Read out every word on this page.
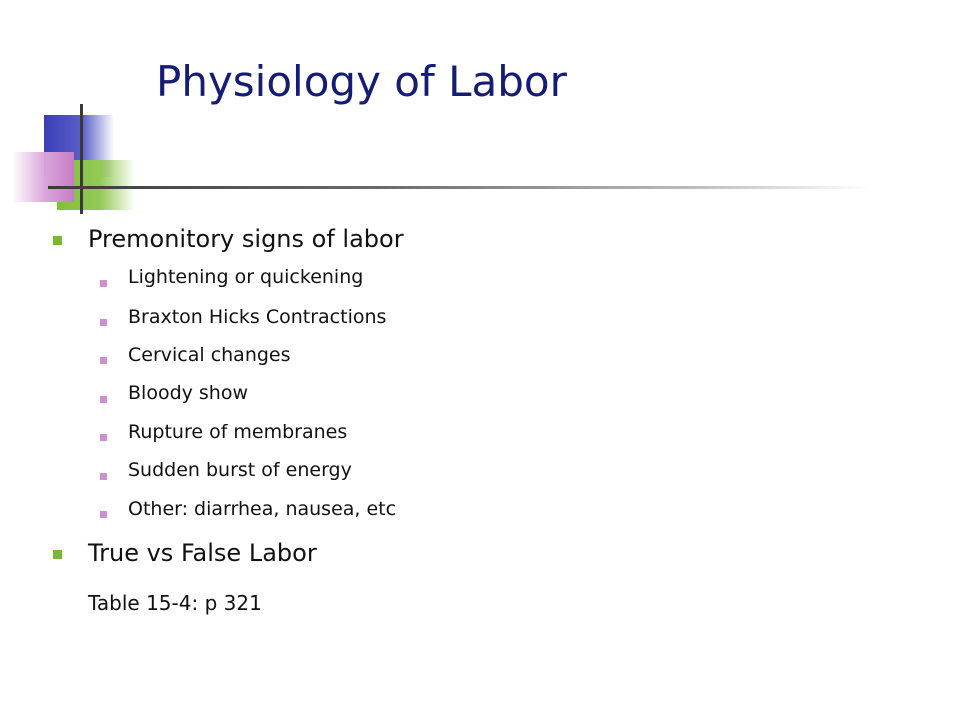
Physiology of Labor
Premonitory signs of labor
Lightening or quickening
Braxton Hicks Contractions
Cervical changes
Bloody show
Rupture of membranes
Sudden burst of energy
Other: diarrhea, nausea, etc
True vs False Labor
Table 15-4: p 321
